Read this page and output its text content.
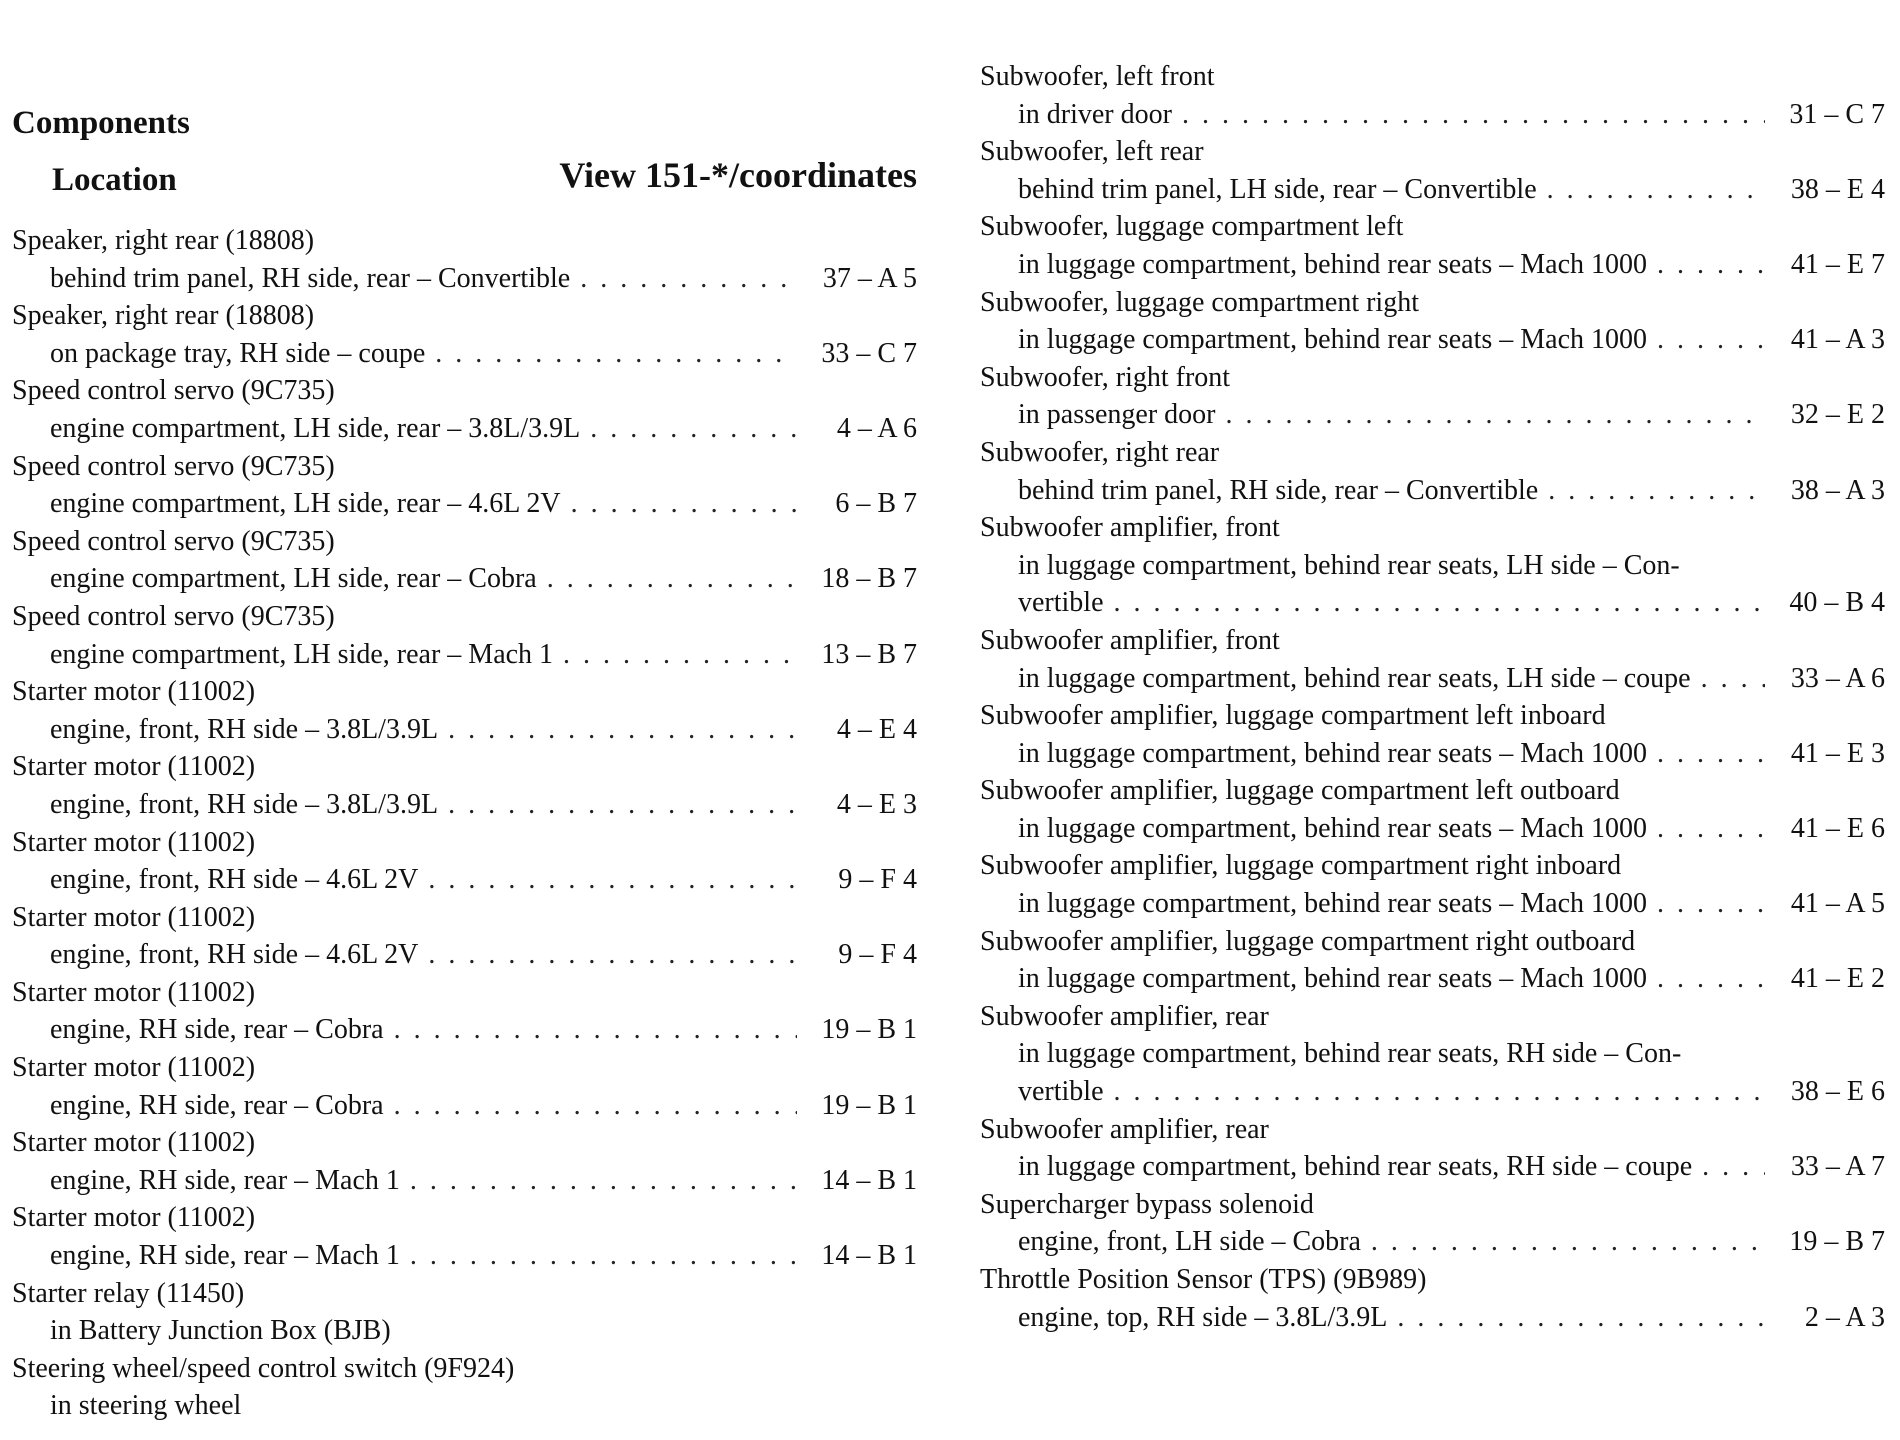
Components
Location	View 151-*/coordinates
Speaker, right rear (18808)
behind trim panel, RH side, rear – Convertible . . .	37 – A 5
Speaker, right rear (18808)
on package tray, RH side – coupe . . .	33 – C 7
Speed control servo (9C735)
engine compartment, LH side, rear – 3.8L/3.9L . . .	4 – A 6
Speed control servo (9C735)
engine compartment, LH side, rear – 4.6L 2V . . .	6 – B 7
Speed control servo (9C735)
engine compartment, LH side, rear – Cobra . . .	18 – B 7
Speed control servo (9C735)
engine compartment, LH side, rear – Mach 1 . . .	13 – B 7
Starter motor (11002)
engine, front, RH side – 3.8L/3.9L . . .	4 – E 4
Starter motor (11002)
engine, front, RH side – 3.8L/3.9L . . .	4 – E 3
Starter motor (11002)
engine, front, RH side – 4.6L 2V . . .	9 – F 4
Starter motor (11002)
engine, front, RH side – 4.6L 2V . . .	9 – F 4
Starter motor (11002)
engine, RH side, rear – Cobra . . .	19 – B 1
Starter motor (11002)
engine, RH side, rear – Cobra . . .	19 – B 1
Starter motor (11002)
engine, RH side, rear – Mach 1 . . .	14 – B 1
Starter motor (11002)
engine, RH side, rear – Mach 1 . . .	14 – B 1
Starter relay (11450)
in Battery Junction Box (BJB)
Steering wheel/speed control switch (9F924)
in steering wheel
Subwoofer, left front
in driver door . . .	31 – C 7
Subwoofer, left rear
behind trim panel, LH side, rear – Convertible . . .	38 – E 4
Subwoofer, luggage compartment left
in luggage compartment, behind rear seats – Mach 1000 . . .	41 – E 7
Subwoofer, luggage compartment right
in luggage compartment, behind rear seats – Mach 1000 . . .	41 – A 3
Subwoofer, right front
in passenger door . . .	32 – E 2
Subwoofer, right rear
behind trim panel, RH side, rear – Convertible . . .	38 – A 3
Subwoofer amplifier, front
in luggage compartment, behind rear seats, LH side – Con-
vertible . . .	40 – B 4
Subwoofer amplifier, front
in luggage compartment, behind rear seats, LH side – coupe . . .	33 – A 6
Subwoofer amplifier, luggage compartment left inboard
in luggage compartment, behind rear seats – Mach 1000 . . .	41 – E 3
Subwoofer amplifier, luggage compartment left outboard
in luggage compartment, behind rear seats – Mach 1000 . . .	41 – E 6
Subwoofer amplifier, luggage compartment right inboard
in luggage compartment, behind rear seats – Mach 1000 . . .	41 – A 5
Subwoofer amplifier, luggage compartment right outboard
in luggage compartment, behind rear seats – Mach 1000 . . .	41 – E 2
Subwoofer amplifier, rear
in luggage compartment, behind rear seats, RH side – Con-
vertible . . .	38 – E 6
Subwoofer amplifier, rear
in luggage compartment, behind rear seats, RH side – coupe . . .	33 – A 7
Supercharger bypass solenoid
engine, front, LH side – Cobra . . .	19 – B 7
Throttle Position Sensor (TPS) (9B989)
engine, top, RH side – 3.8L/3.9L . . .	2 – A 3
